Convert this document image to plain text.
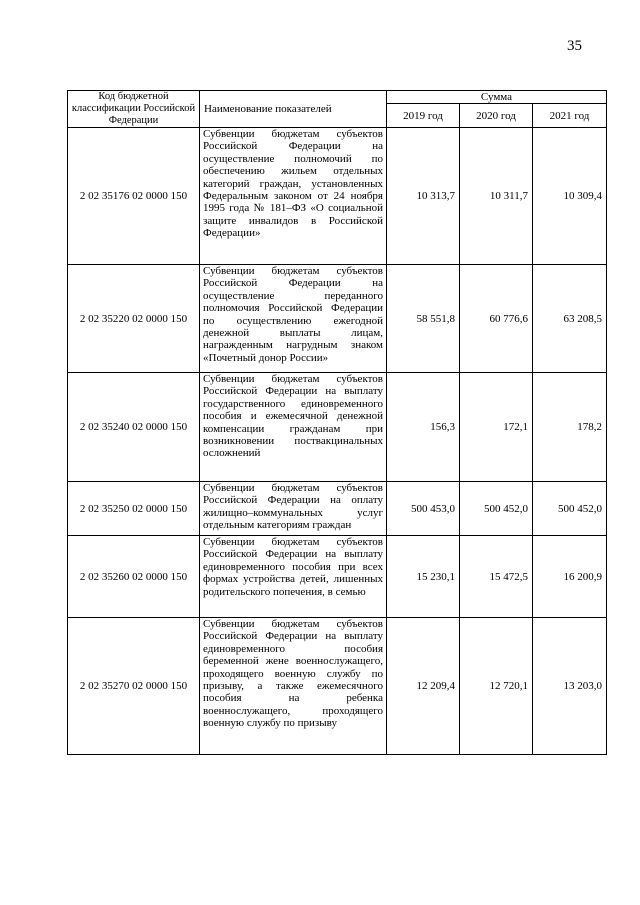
35
Код бюджетной классификации Российской Федерации	Наименование показателей	Сумма		
		2019 год	2020 год	2021 год
2 02 35176 02 0000 150	Субвенции бюджетам субъектов Российской Федерации на осуществление полномочий по обеспечению жильем отдельных категорий граждан, установленных Федеральным законом от 24 ноября 1995 года № 181–ФЗ «О социальной защите инвалидов в Российской Федерации»	10 313,7	10 311,7	10 309,4
2 02 35220 02 0000 150	Субвенции бюджетам субъектов Российской Федерации на осуществление переданного полномочия Российской Федерации по осуществлению ежегодной денежной выплаты лицам, награжденным нагрудным знаком «Почетный донор России»	58 551,8	60 776,6	63 208,5
2 02 35240 02 0000 150	Субвенции бюджетам субъектов Российской Федерации на выплату государственного единовременного пособия и ежемесячной денежной компенсации гражданам при возникновении поствакцинальных осложнений	156,3	172,1	178,2
2 02 35250 02 0000 150	Субвенции бюджетам субъектов Российской Федерации на оплату жилищно–коммунальных услуг отдельным категориям граждан	500 453,0	500 452,0	500 452,0
2 02 35260 02 0000 150	Субвенции бюджетам субъектов Российской Федерации на выплату единовременного пособия при всех формах устройства детей, лишенных родительского попечения, в семью	15 230,1	15 472,5	16 200,9
2 02 35270 02 0000 150	Субвенции бюджетам субъектов Российской Федерации на выплату единовременного пособия беременной жене военнослужащего, проходящего военную службу по призыву, а также ежемесячного пособия на ребенка военнослужащего, проходящего военную службу по призыву	12 209,4	12 720,1	13 203,0
